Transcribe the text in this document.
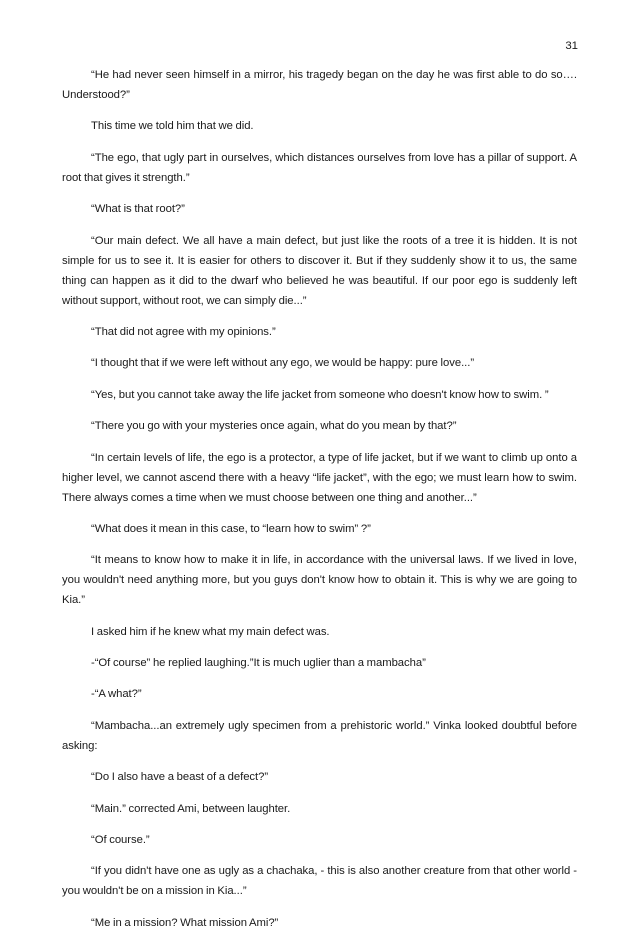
31

“He had never seen himself in a mirror, his tragedy began on the day he was first able to do so…. Understood?”

This time we told him that we did.

“The ego, that ugly part in ourselves, which distances ourselves from love has a pillar of support. A root that gives it strength.”

“What is that root?”

“Our main defect. We all have a main defect, but just like the roots of a tree it is hidden. It is not simple for us to see it. It is easier for others to discover it. But if they suddenly show it to us, the same thing can happen as it did to the dwarf who believed he was beautiful. If our poor ego is suddenly left without support, without root, we can simply die...”

“That did not agree with my opinions.”

“I thought that if we were left without any ego, we would be happy: pure love...”

“Yes, but you cannot take away the life jacket from someone who doesn't know how to swim. ”

“There you go with your mysteries once again, what do you mean by that?”

“In certain levels of life, the ego is a protector, a type of life jacket, but if we want to climb up onto a higher level, we cannot ascend there with a heavy “life jacket”, with the ego; we must learn how to swim. There always comes a time when we must choose between one thing and another...”

“What does it mean in this case, to “learn how to swim” ?”

“It means to know how to make it in life, in accordance with the universal laws. If we lived in love, you wouldn't need anything more, but you guys don't know how to obtain it. This is why we are going to Kia.”

I asked him if he knew what my main defect was.

-“Of course” he replied laughing.”It is much uglier than a mambacha”

-“A what?”

“Mambacha...an extremely ugly specimen from a prehistoric world.” Vinka looked doubtful before asking:

“Do I also have a beast of a defect?”

“Main.” corrected Ami, between laughter.

“Of course.”

“If you didn't have one as ugly as a chachaka, - this is also another creature from that other world - you wouldn't be on a mission in Kia...”

“Me in a mission? What mission Ami?”
